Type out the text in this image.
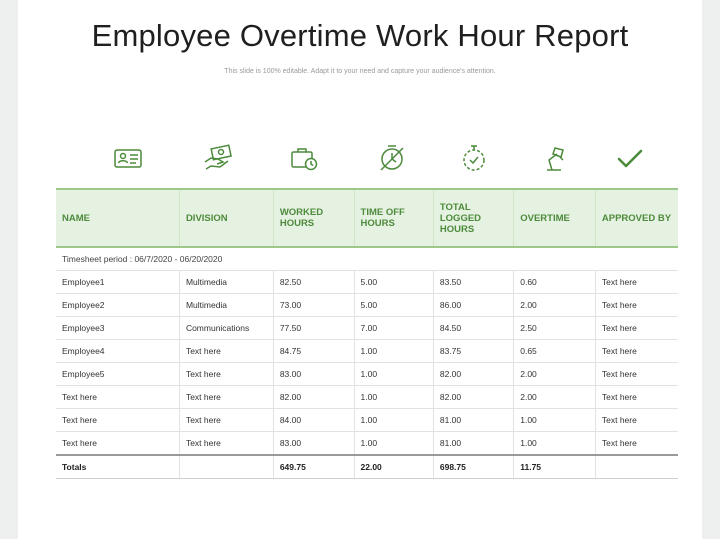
Employee Overtime Work Hour Report
This slide is 100% editable. Adapt it to your need and capture your audience's attention.
NAME	DIVISION	WORKED HOURS	TIME OFF HOURS	TOTAL LOGGED HOURS	OVERTIME	APPROVED BY
Timesheet period : 06/7/2020 - 06/20/2020						
Employee1	Multimedia	82.50	5.00	83.50	0.60	Text here
Employee2	Multimedia	73.00	5.00	86.00	2.00	Text here
Employee3	Communications	77.50	7.00	84.50	2.50	Text here
Employee4	Text here	84.75	1.00	83.75	0.65	Text here
Employee5	Text here	83.00	1.00	82.00	2.00	Text here
Text here	Text here	82.00	1.00	82.00	2.00	Text here
Text here	Text here	84.00	1.00	81.00	1.00	Text here
Text here	Text here	83.00	1.00	81.00	1.00	Text here
Totals		649.75	22.00	698.75	11.75	
